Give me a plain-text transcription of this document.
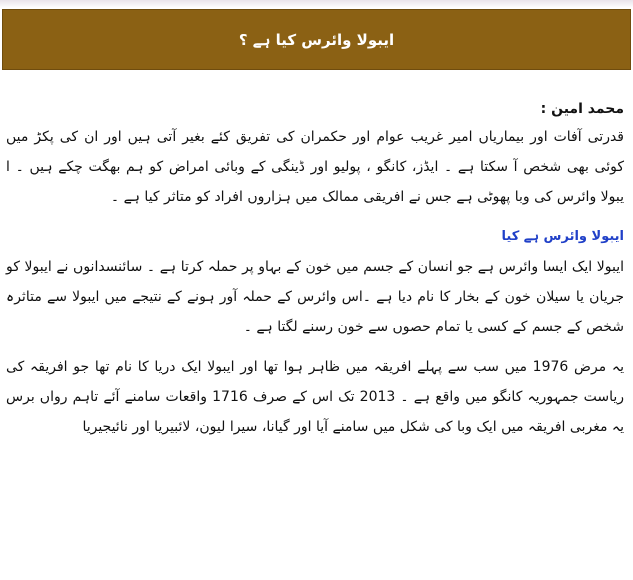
ایبولا وائرس کیا ہے ؟
محمد امین :

قدرتی آفات اور بیماریاں امیر غریب عوام اور حکمران کی تفریق کئے بغیر آتی ہیں اور ان کی پکڑ میں کوئی بھی شخص آ سکتا ہے ۔ ایڈز، کانگو ، پولیو اور ڈینگی کے وبائی امراض کو ہم بھگت چکے ہیں ۔ ا یبولا وائرس کی وبا پھوٹی ہے جس نے افریقی ممالک میں ہزاروں افراد کو متاثر کیا ہے ۔

ایبولا وائرس ہے کیا

ایبولا ایک ایسا وائرس ہے جو انسان کے جسم میں خون کے بہاو پر حملہ کرتا ہے ۔ سائنسدانوں نے ایبولا کو جریان یا سیلان خون کے بخار کا نام دیا ہے ۔اس وائرس کے حملہ آور ہونے کے نتیجے میں ایبولا سے متاثرہ شخص کے جسم کے کسی یا تمام حصوں سے خون رسنے لگتا ہے ۔

یہ مرض 1976 میں سب سے پہلے افریقہ میں ظاہر ہوا تھا اور ایبولا ایک دریا کا نام تھا جو افریقہ کی ریاست جمہوریہ کانگو میں واقع ہے ۔ 2013 تک اس کے صرف 1716 واقعات سامنے آئے تاہم رواں برس یہ مغربی افریقہ میں ایک وبا کی شکل میں سامنے آیا اور گیانا، سیرا لیون، لائبیریا اور نائیجیریا
